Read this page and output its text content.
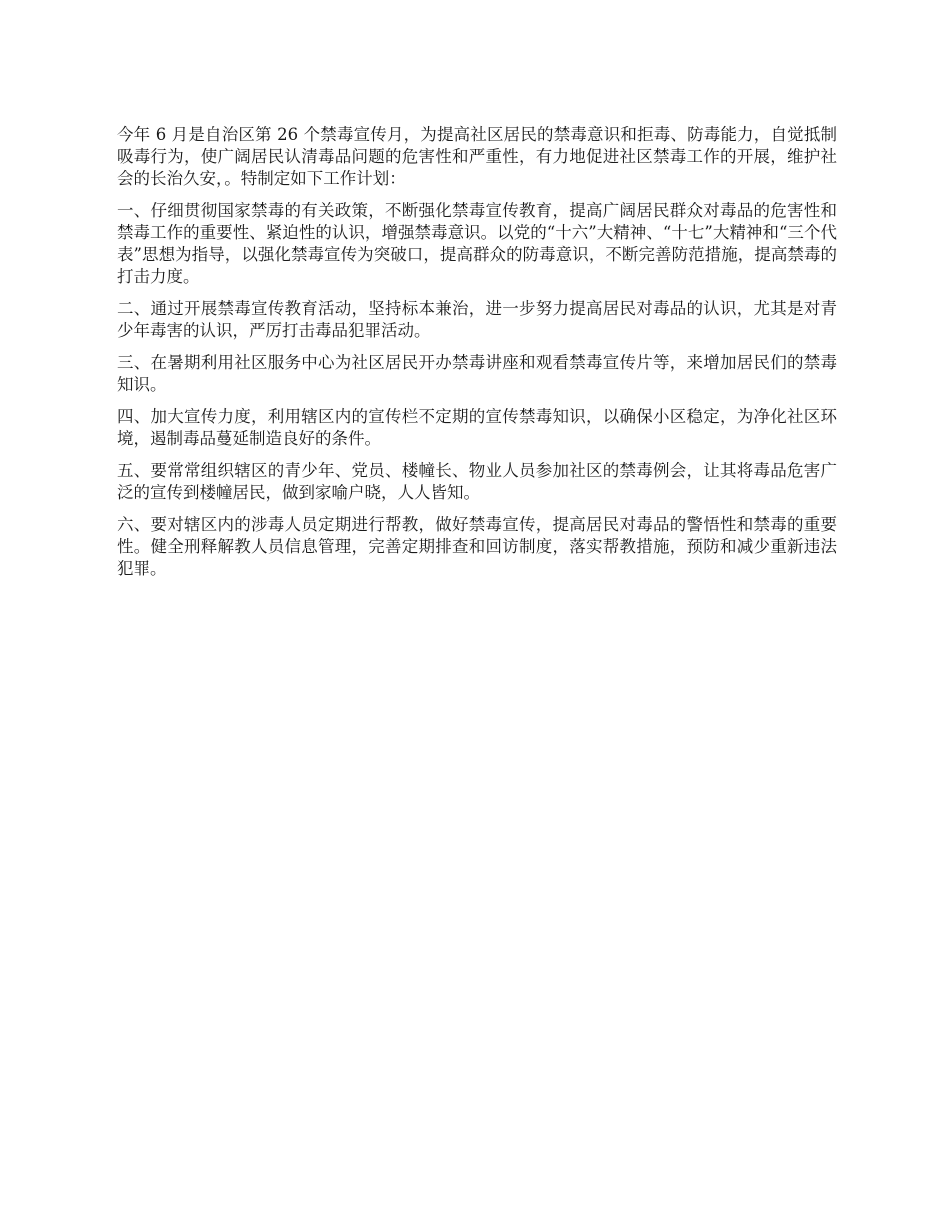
今年 6 月是自治区第 26 个禁毒宣传月，为提高社区居民的禁毒意识和拒毒、防毒能力，自觉抵制吸毒行为，使广阔居民认清毒品问题的危害性和严重性，有力地促进社区禁毒工作的开展，维护社会的长治久安，。特制定如下工作计划：

一、仔细贯彻国家禁毒的有关政策，不断强化禁毒宣传教育，提高广阔居民群众对毒品的危害性和禁毒工作的重要性、紧迫性的认识，增强禁毒意识。以党的“十六”大精神、“十七”大精神和“三个代表”思想为指导，以强化禁毒宣传为突破口，提高群众的防毒意识，不断完善防范措施，提高禁毒的打击力度。

二、通过开展禁毒宣传教育活动，坚持标本兼治，进一步努力提高居民对毒品的认识，尤其是对青少年毒害的认识，严厉打击毒品犯罪活动。

三、在暑期利用社区服务中心为社区居民开办禁毒讲座和观看禁毒宣传片等，来增加居民们的禁毒知识。

四、加大宣传力度，利用辖区内的宣传栏不定期的宣传禁毒知识，以确保小区稳定，为净化社区环境，遏制毒品蔓延制造良好的条件。

五、要常常组织辖区的青少年、党员、楼幢长、物业人员参加社区的禁毒例会，让其将毒品危害广泛的宣传到楼幢居民，做到家喻户晓，人人皆知。

六、要对辖区内的涉毒人员定期进行帮教，做好禁毒宣传，提高居民对毒品的警悟性和禁毒的重要性。健全刑释解教人员信息管理，完善定期排查和回访制度，落实帮教措施，预防和减少重新违法犯罪。
